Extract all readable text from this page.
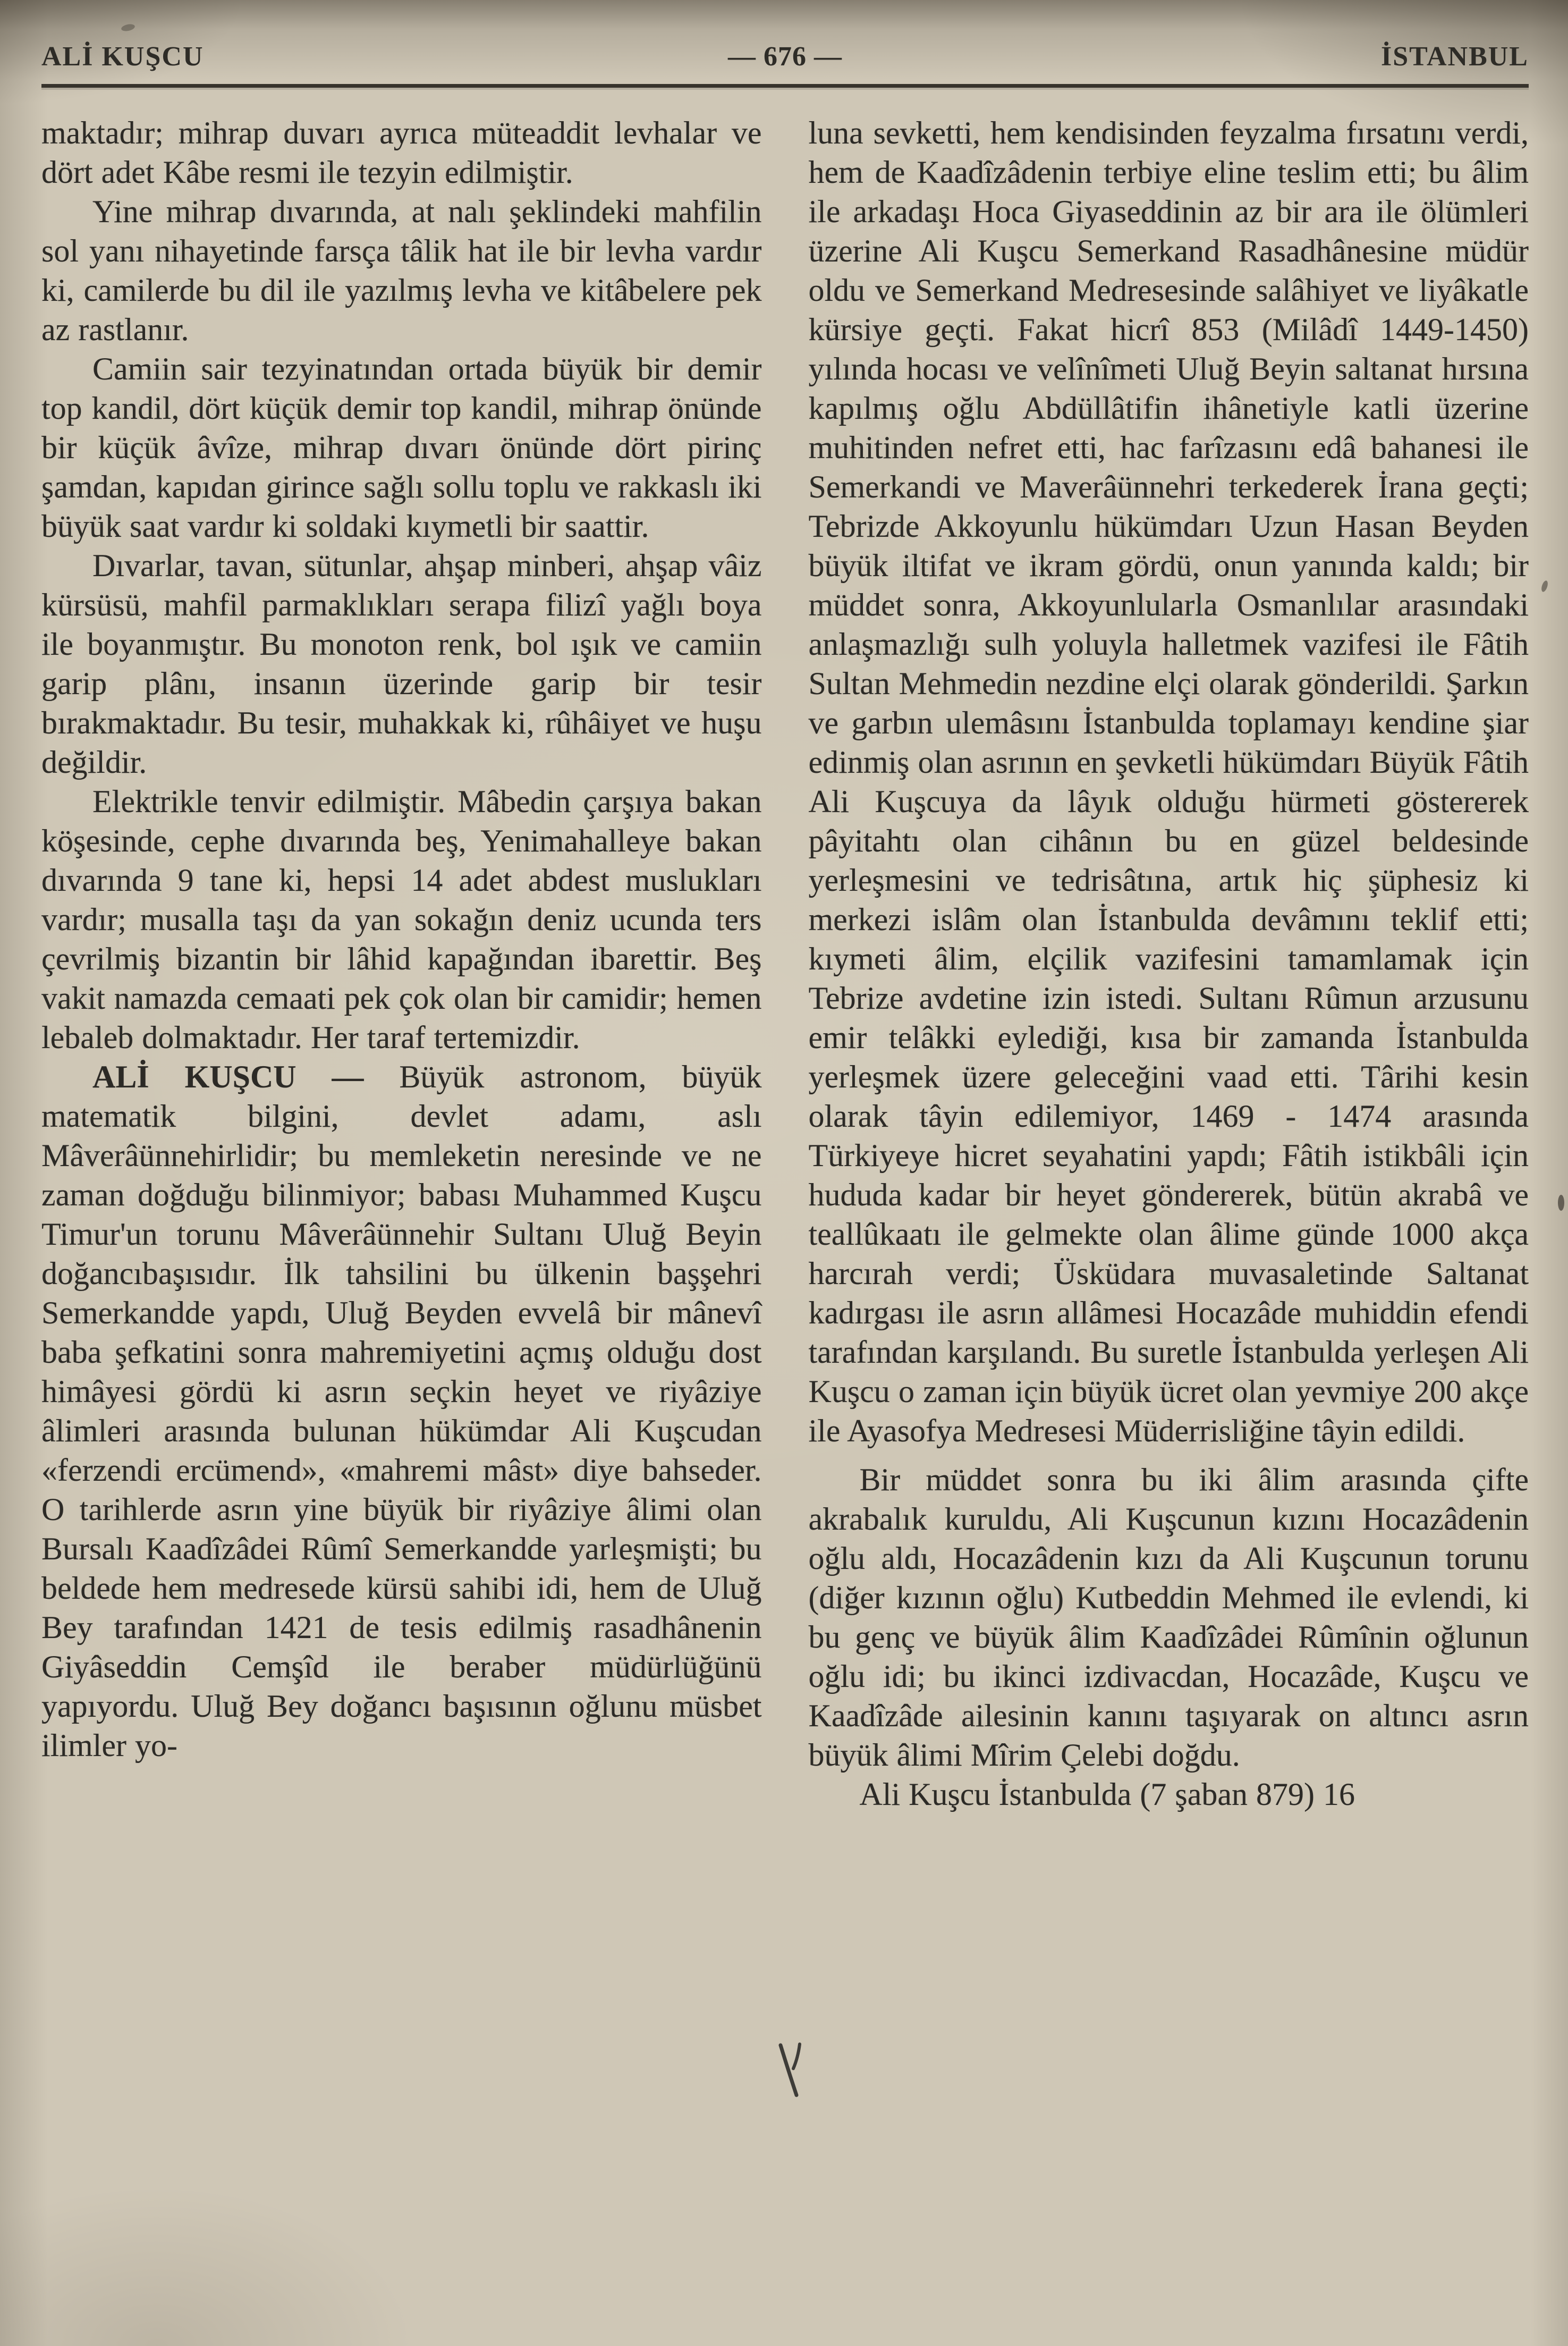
ALİ KUŞCU	— 676 —	İSTANBUL

maktadır; mihrap duvarı ayrıca müteaddit levhalar ve dört adet Kâbe resmi ile tezyin edilmiştir.

Yine mihrap dıvarında, at nalı şeklindeki mahfilin sol yanı nihayetinde farsça tâlik hat ile bir levha vardır ki, camilerde bu dil ile yazılmış levha ve kitâbelere pek az rastlanır.

Camiin sair tezyinatından ortada büyük bir demir top kandil, dört küçük demir top kandil, mihrap önünde bir küçük âvîze, mihrap dıvarı önünde dört pirinç şamdan, kapıdan girince sağlı sollu toplu ve rakkaslı iki büyük saat vardır ki soldaki kıymetli bir saattir.

Dıvarlar, tavan, sütunlar, ahşap minberi, ahşap vâiz kürsüsü, mahfil parmaklıkları serapa filizî yağlı boya ile boyanmıştır. Bu monoton renk, bol ışık ve camiin garip plânı, insanın üzerinde garip bir tesir bırakmaktadır. Bu tesir, muhakkak ki, rûhâiyet ve huşu değildir.

Elektrikle tenvir edilmiştir. Mâbedin çarşıya bakan köşesinde, cephe dıvarında beş, Yenimahalleye bakan dıvarında 9 tane ki, hepsi 14 adet abdest muslukları vardır; musalla taşı da yan sokağın deniz ucunda ters çevrilmiş bizantin bir lâhid kapağından ibarettir. Beş vakit namazda cemaati pek çok olan bir camidir; hemen lebaleb dolmaktadır. Her taraf tertemizdir.

ALİ KUŞCU — Büyük astronom, büyük matematik bilgini, devlet adamı, aslı Mâverâünnehirlidir; bu memleketin neresinde ve ne zaman doğduğu bilinmiyor; babası Muhammed Kuşcu Timur'un torunu Mâverâünnehir Sultanı Uluğ Beyin doğancıbaşısıdır. İlk tahsilini bu ülkenin başşehri Semerkandde yapdı, Uluğ Beyden evvelâ bir mânevî baba şefkatini sonra mahremiyetini açmış olduğu dost himâyesi gördü ki asrın seçkin heyet ve riyâziye âlimleri arasında bulunan hükümdar Ali Kuşcudan «ferzendi ercümend», «mahremi mâst» diye bahseder. O tarihlerde asrın yine büyük bir riyâziye âlimi olan Bursalı Kaadîzâdei Rûmî Semerkandde yarleşmişti; bu beldede hem medresede kürsü sahibi idi, hem de Uluğ Bey tarafından 1421 de tesis edilmiş rasadhânenin Giyâseddin Cemşîd ile beraber müdürlüğünü yapıyordu. Uluğ Bey doğancı başısının oğlunu müsbet ilimler yo-

luna sevketti, hem kendisinden feyzalma fırsatını verdi, hem de Kaadîzâdenin terbiye eline teslim etti; bu âlim ile arkadaşı Hoca Giyaseddinin az bir ara ile ölümleri üzerine Ali Kuşcu Semerkand Rasadhânesine müdür oldu ve Semerkand Medresesinde salâhiyet ve liyâkatle kürsiye geçti. Fakat hicrî 853 (Milâdî 1449-1450) yılında hocası ve velînîmeti Uluğ Beyin saltanat hırsına kapılmış oğlu Abdüllâtifin ihânetiyle katli üzerine muhitinden nefret etti, hac farîzasını edâ bahanesi ile Semerkandi ve Maverâünnehri terkederek İrana geçti; Tebrizde Akkoyunlu hükümdarı Uzun Hasan Beyden büyük iltifat ve ikram gördü, onun yanında kaldı; bir müddet sonra, Akkoyunlularla Osmanlılar arasındaki anlaşmazlığı sulh yoluyla halletmek vazifesi ile Fâtih Sultan Mehmedin nezdine elçi olarak gönderildi. Şarkın ve garbın ulemâsını İstanbulda toplamayı kendine şiar edinmiş olan asrının en şevketli hükümdarı Büyük Fâtih Ali Kuşcuya da lâyık olduğu hürmeti göstererek pâyitahtı olan cihânın bu en güzel beldesinde yerleşmesini ve tedrisâtına, artık hiç şüphesiz ki merkezi islâm olan İstanbulda devâmını teklif etti; kıymeti âlim, elçilik vazifesini tamamlamak için Tebrize avdetine izin istedi. Sultanı Rûmun arzusunu emir telâkki eylediği, kısa bir zamanda İstanbulda yerleşmek üzere geleceğini vaad etti. Târihi kesin olarak tâyin edilemiyor, 1469 - 1474 arasında Türkiyeye hicret seyahatini yapdı; Fâtih istikbâli için hududa kadar bir heyet göndererek, bütün akrabâ ve teallûkaatı ile gelmekte olan âlime günde 1000 akça harcırah verdi; Üsküdara muvasaletinde Saltanat kadırgası ile asrın allâmesi Hocazâde muhiddin efendi tarafından karşılandı. Bu suretle İstanbulda yerleşen Ali Kuşcu o zaman için büyük ücret olan yevmiye 200 akçe ile Ayasofya Medresesi Müderrisliğine tâyin edildi.

Bir müddet sonra bu iki âlim arasında çifte akrabalık kuruldu, Ali Kuşcunun kızını Hocazâdenin oğlu aldı, Hocazâdenin kızı da Ali Kuşcunun torunu (diğer kızının oğlu) Kutbeddin Mehmed ile evlendi, ki bu genç ve büyük âlim Kaadîzâdei Rûmînin oğlunun oğlu idi; bu ikinci izdivacdan, Hocazâde, Kuşcu ve Kaadîzâde ailesinin kanını taşıyarak on altıncı asrın büyük âlimi Mîrim Çelebi doğdu.

Ali Kuşcu İstanbulda (7 şaban 879) 16
